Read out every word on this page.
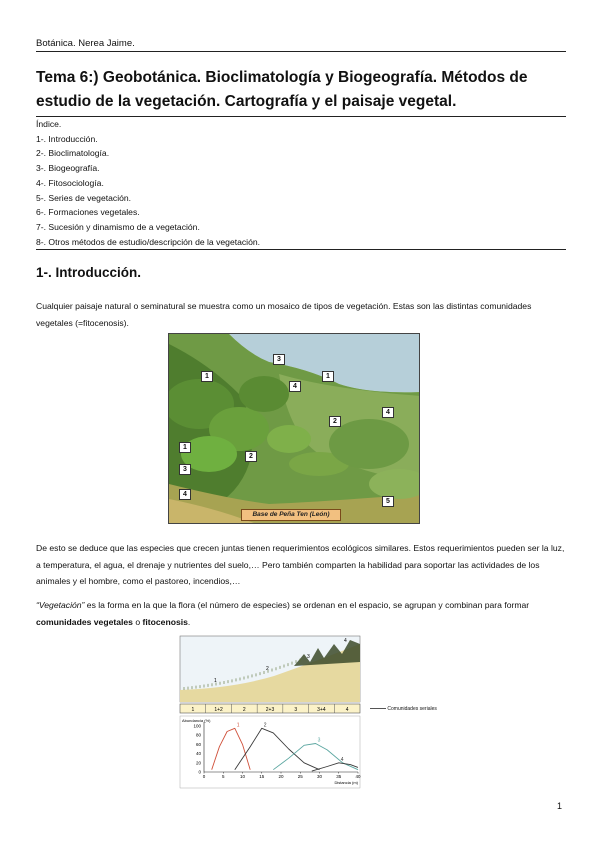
Botánica. Nerea Jaime.
Tema 6:) Geobotánica. Bioclimatología y Biogeografía. Métodos de estudio de la vegetación. Cartografía y el paisaje vegetal.
Índice.
1-. Introducción.
2-. Bioclimatología.
3-. Biogeografía.
4-. Fitosociología.
5-. Series de vegetación.
6-. Formaciones vegetales.
7-. Sucesión y dinamismo de a vegetación.
8-. Otros métodos de estudio/descripción de la vegetación.
1-. Introducción.
Cualquier paisaje natural o seminatural se muestra como un mosaico de tipos de vegetación. Estas son las distintas comunidades vegetales (=fitocenosis).
3
1	1
4
2
4
1
2
3
4
5
Base de Peña Ten (León)
De esto se deduce que las especies que crecen juntas tienen requerimientos ecológicos similares. Estos requerimientos pueden ser la luz, a temperatura, el agua, el drenaje y nutrientes del suelo,… Pero también comparten la habilidad para soportar las actividades de los animales y el hombre, como el pastoreo, incendios,…
“Vegetación” es la forma en la que la flora (el número de especies) se ordenan en el espacio, se agrupan y combinan para formar comunidades vegetales o fitocenosis.
1
2
3
4
1	1+2	2	2+3	3	3+4	4
Abundancia (%)
100
80
60
40
20
0
0	5	10	15	20	25	30	35	40
Distancia (m)
1	2
3
4
Comunidades seriales
1
